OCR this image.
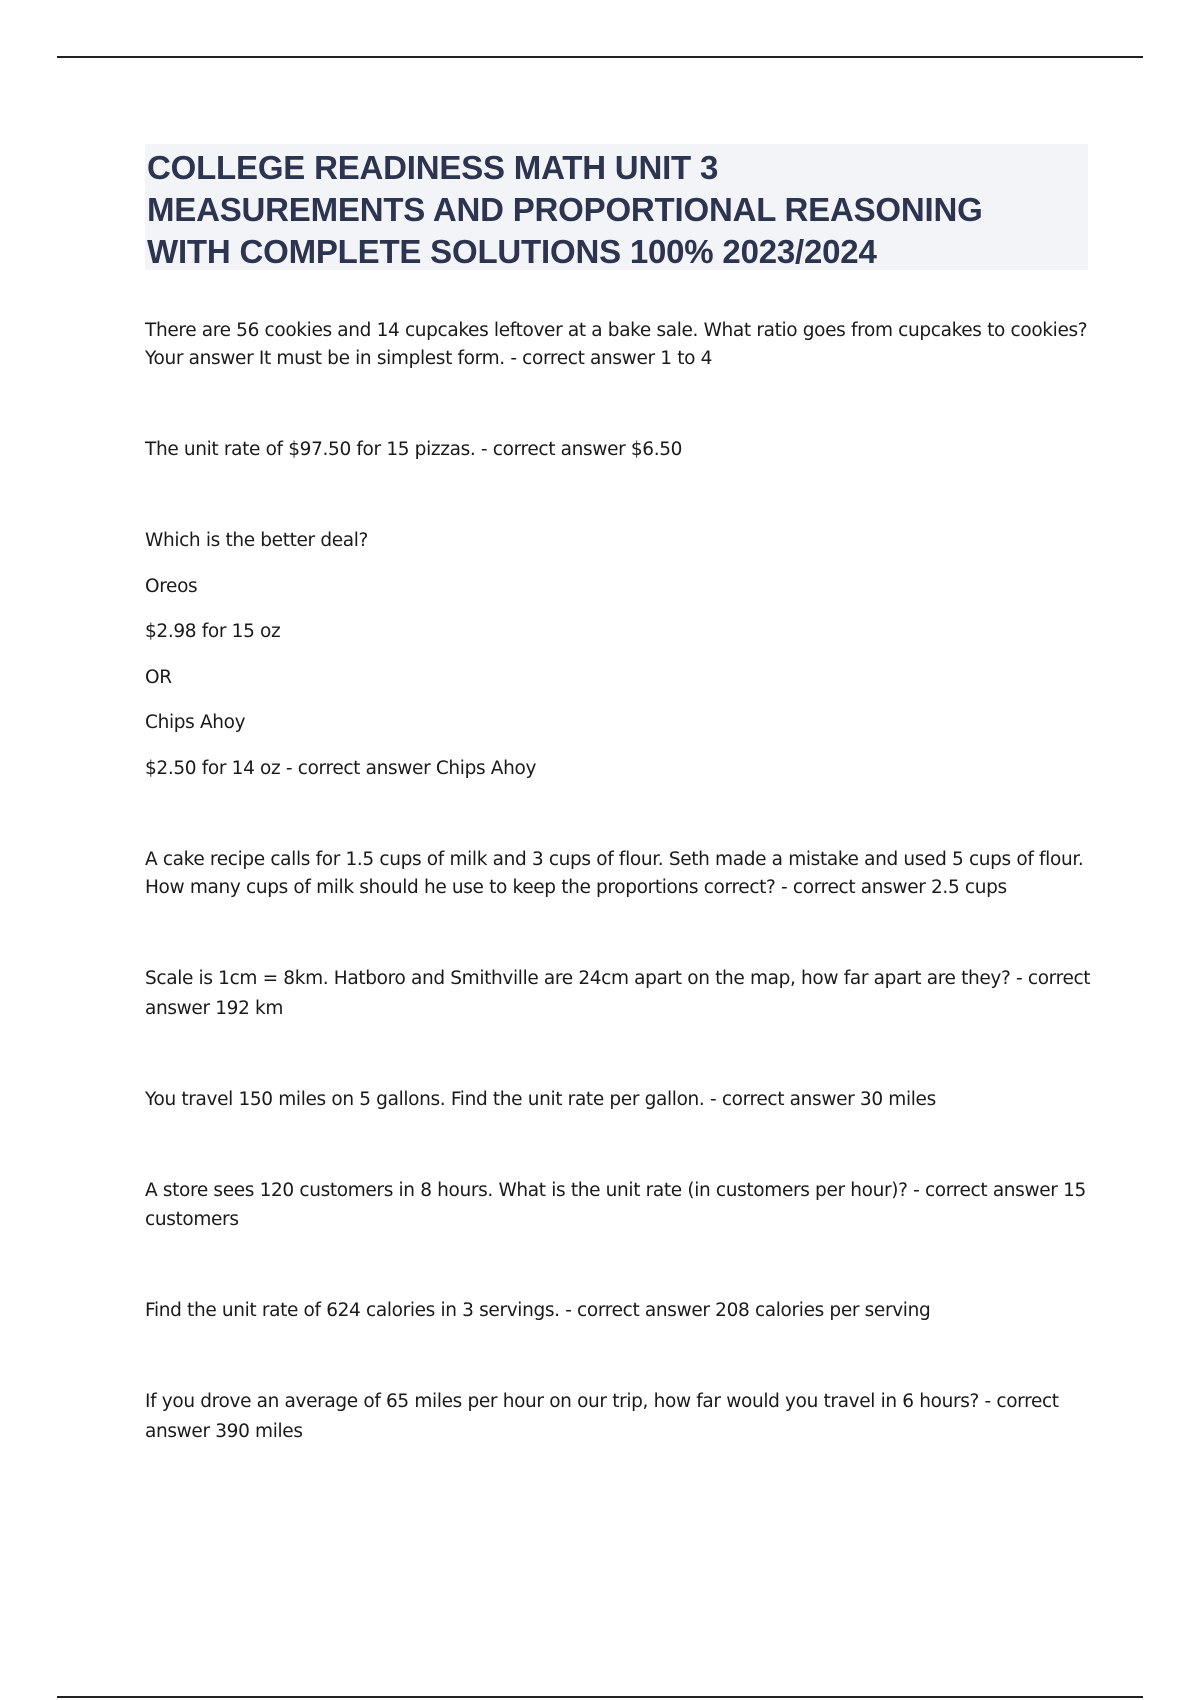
COLLEGE READINESS MATH UNIT 3
MEASUREMENTS AND PROPORTIONAL REASONING
WITH COMPLETE SOLUTIONS 100% 2023/2024
There are 56 cookies and 14 cupcakes leftover at a bake sale. What ratio goes from cupcakes to cookies?
Your answer It must be in simplest form. - correct answer 1 to 4
The unit rate of $97.50 for 15 pizzas. - correct answer $6.50
Which is the better deal?
Oreos
$2.98 for 15 oz
OR
Chips Ahoy
$2.50 for 14 oz - correct answer Chips Ahoy
A cake recipe calls for 1.5 cups of milk and 3 cups of flour. Seth made a mistake and used 5 cups of flour.
How many cups of milk should he use to keep the proportions correct? - correct answer 2.5 cups
Scale is 1cm = 8km. Hatboro and Smithville are 24cm apart on the map, how far apart are they? - correct
answer 192 km
You travel 150 miles on 5 gallons. Find the unit rate per gallon. - correct answer 30 miles
A store sees 120 customers in 8 hours. What is the unit rate (in customers per hour)? - correct answer 15
customers
Find the unit rate of 624 calories in 3 servings. - correct answer 208 calories per serving
If you drove an average of 65 miles per hour on our trip, how far would you travel in 6 hours? - correct
answer 390 miles
